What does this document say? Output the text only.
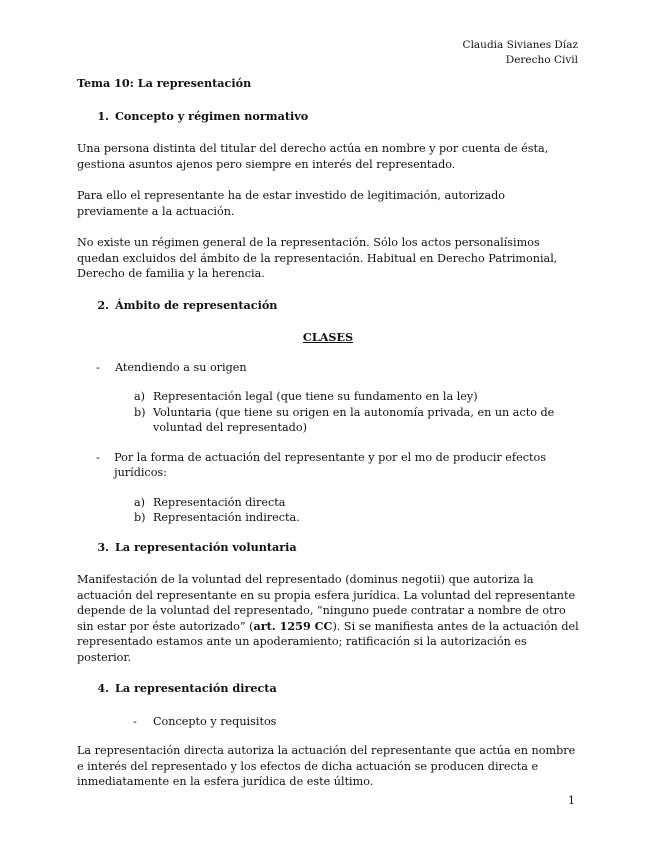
Claudia Sivianes Díaz
Derecho Civil
Tema 10: La representación
1. Concepto y régimen normativo

Una persona distinta del titular del derecho actúa en nombre y por cuenta de ésta, gestiona asuntos ajenos pero siempre en interés del representado.

Para ello el representante ha de estar investido de legitimación, autorizado previamente a la actuación.

No existe un régimen general de la representación. Sólo los actos personalísimos quedan excluidos del ámbito de la representación. Habitual en Derecho Patrimonial, Derecho de familia y la herencia.

2. Ámbito de representación
CLASES
-	Atendiendo a su origen
a) Representación legal (que tiene su fundamento en la ley)
b) Voluntaria (que tiene su origen en la autonomía privada, en un acto de voluntad del representado)
-	Por la forma de actuación del representante y por el mo de producir efectos jurídicos:
a) Representación directa
b) Representación indirecta.
3. La representación voluntaria

Manifestación de la voluntad del representado (dominus negotii) que autoriza la actuación del representante en su propia esfera jurídica. La voluntad del representante depende de la voluntad del representado, “ninguno puede contratar a nombre de otro sin estar por éste autorizado” (art. 1259 CC). Si se manifiesta antes de la actuación del representado estamos ante un apoderamiento; ratificación si la autorización es posterior.

4. La representación directa
-	Concepto y requisitos

La representación directa autoriza la actuación del representante que actúa en nombre e interés del representado y los efectos de dicha actuación se producen directa e inmediatamente en la esfera jurídica de este último.

1
